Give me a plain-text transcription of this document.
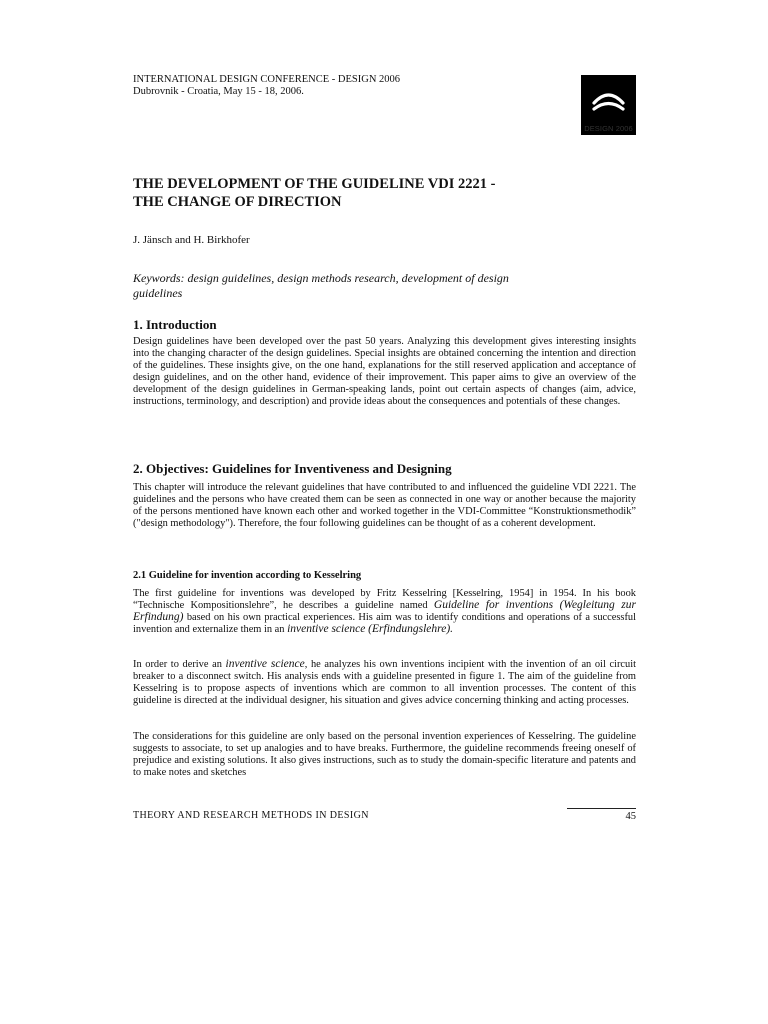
INTERNATIONAL DESIGN CONFERENCE - DESIGN 2006
Dubrovnik - Croatia, May 15 - 18, 2006.
DESIGN 2006
THE DEVELOPMENT OF THE GUIDELINE VDI 2221 -
THE CHANGE OF DIRECTION
J. Jänsch and H. Birkhofer
Keywords: design guidelines, design methods research, development of design guidelines
1. Introduction

Design guidelines have been developed over the past 50 years. Analyzing this development gives interesting insights into the changing character of the design guidelines. Special insights are obtained concerning the intention and direction of the guidelines. These insights give, on the one hand, explanations for the still reserved application and acceptance of design guidelines, and on the other hand, evidence of their improvement. This paper aims to give an overview of the development of the design guidelines in German-speaking lands, point out certain aspects of changes (aim, advice, instructions, terminology, and description) and provide ideas about the consequences and potentials of these changes.

2. Objectives: Guidelines for Inventiveness and Designing

This chapter will introduce the relevant guidelines that have contributed to and influenced the guideline VDI 2221. The guidelines and the persons who have created them can be seen as connected in one way or another because the majority of the persons mentioned have known each other and worked together in the VDI-Committee “Konstruktionsmethodik” ("design methodology"). Therefore, the four following guidelines can be thought of as a coherent development.

2.1 Guideline for invention according to Kesselring

The first guideline for inventions was developed by Fritz Kesselring [Kesselring, 1954] in 1954. In his book “Technische Kompositionslehre”, he describes a guideline named Guideline for inventions (Wegleitung zur Erfindung) based on his own practical experiences. His aim was to identify conditions and operations of a successful invention and externalize them in an inventive science (Erfindungslehre).

In order to derive an inventive science, he analyzes his own inventions incipient with the invention of an oil circuit breaker to a disconnect switch. His analysis ends with a guideline presented in figure 1. The aim of the guideline from Kesselring is to propose aspects of inventions which are common to all invention processes. The content of this guideline is directed at the individual designer, his situation and gives advice concerning thinking and acting processes.

The considerations for this guideline are only based on the personal invention experiences of Kesselring. The guideline suggests to associate, to set up analogies and to have breaks. Furthermore, the guideline recommends freeing oneself of prejudice and existing solutions. It also gives instructions, such as to study the domain-specific literature and patents and to make notes and sketches

THEORY AND RESEARCH METHODS IN DESIGN	45
